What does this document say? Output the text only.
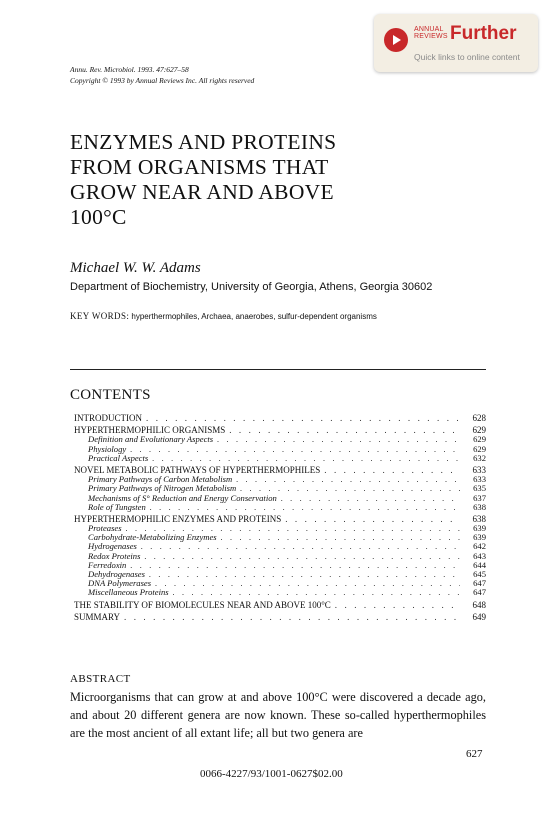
ANNUAL
REVIEWS Further
Quick links to online content
Annu. Rev. Microbiol. 1993. 47:627–58
Copyright © 1993 by Annual Reviews Inc. All rights reserved
ENZYMES AND PROTEINS
FROM ORGANISMS THAT
GROW NEAR AND ABOVE
100°C
Michael W. W. Adams
Department of Biochemistry, University of Georgia, Athens, Georgia 30602
KEY WORDS: hyperthermophiles, Archaea, anaerobes, sulfur-dependent organisms
CONTENTS
INTRODUCTION . . .	628
HYPERTHERMOPHILIC ORGANISMS . . .	629
Definition and Evolutionary Aspects . . .	629
Physiology . . .	629
Practical Aspects . . .	632
NOVEL METABOLIC PATHWAYS OF HYPERTHERMOPHILES . . .	633
Primary Pathways of Carbon Metabolism . . .	633
Primary Pathways of Nitrogen Metabolism . . .	635
Mechanisms of S° Reduction and Energy Conservation . . .	637
Role of Tungsten . . .	638
HYPERTHERMOPHILIC ENZYMES AND PROTEINS . . .	638
Proteases . . .	639
Carbohydrate-Metabolizing Enzymes . . .	639
Hydrogenases . . .	642
Redox Proteins . . .	643
Ferredoxin . . .	644
Dehydrogenases . . .	645
DNA Polymerases . . .	647
Miscellaneous Proteins . . .	647
THE STABILITY OF BIOMOLECULES NEAR AND ABOVE 100°C . . .	648
SUMMARY . . .	649
ABSTRACT
Microorganisms that can grow at and above 100°C were discovered a decade ago, and about 20 different genera are now known. These so-called hyperthermophiles are the most ancient of all extant life; all but two genera are
627
0066-4227/93/1001-0627$02.00
